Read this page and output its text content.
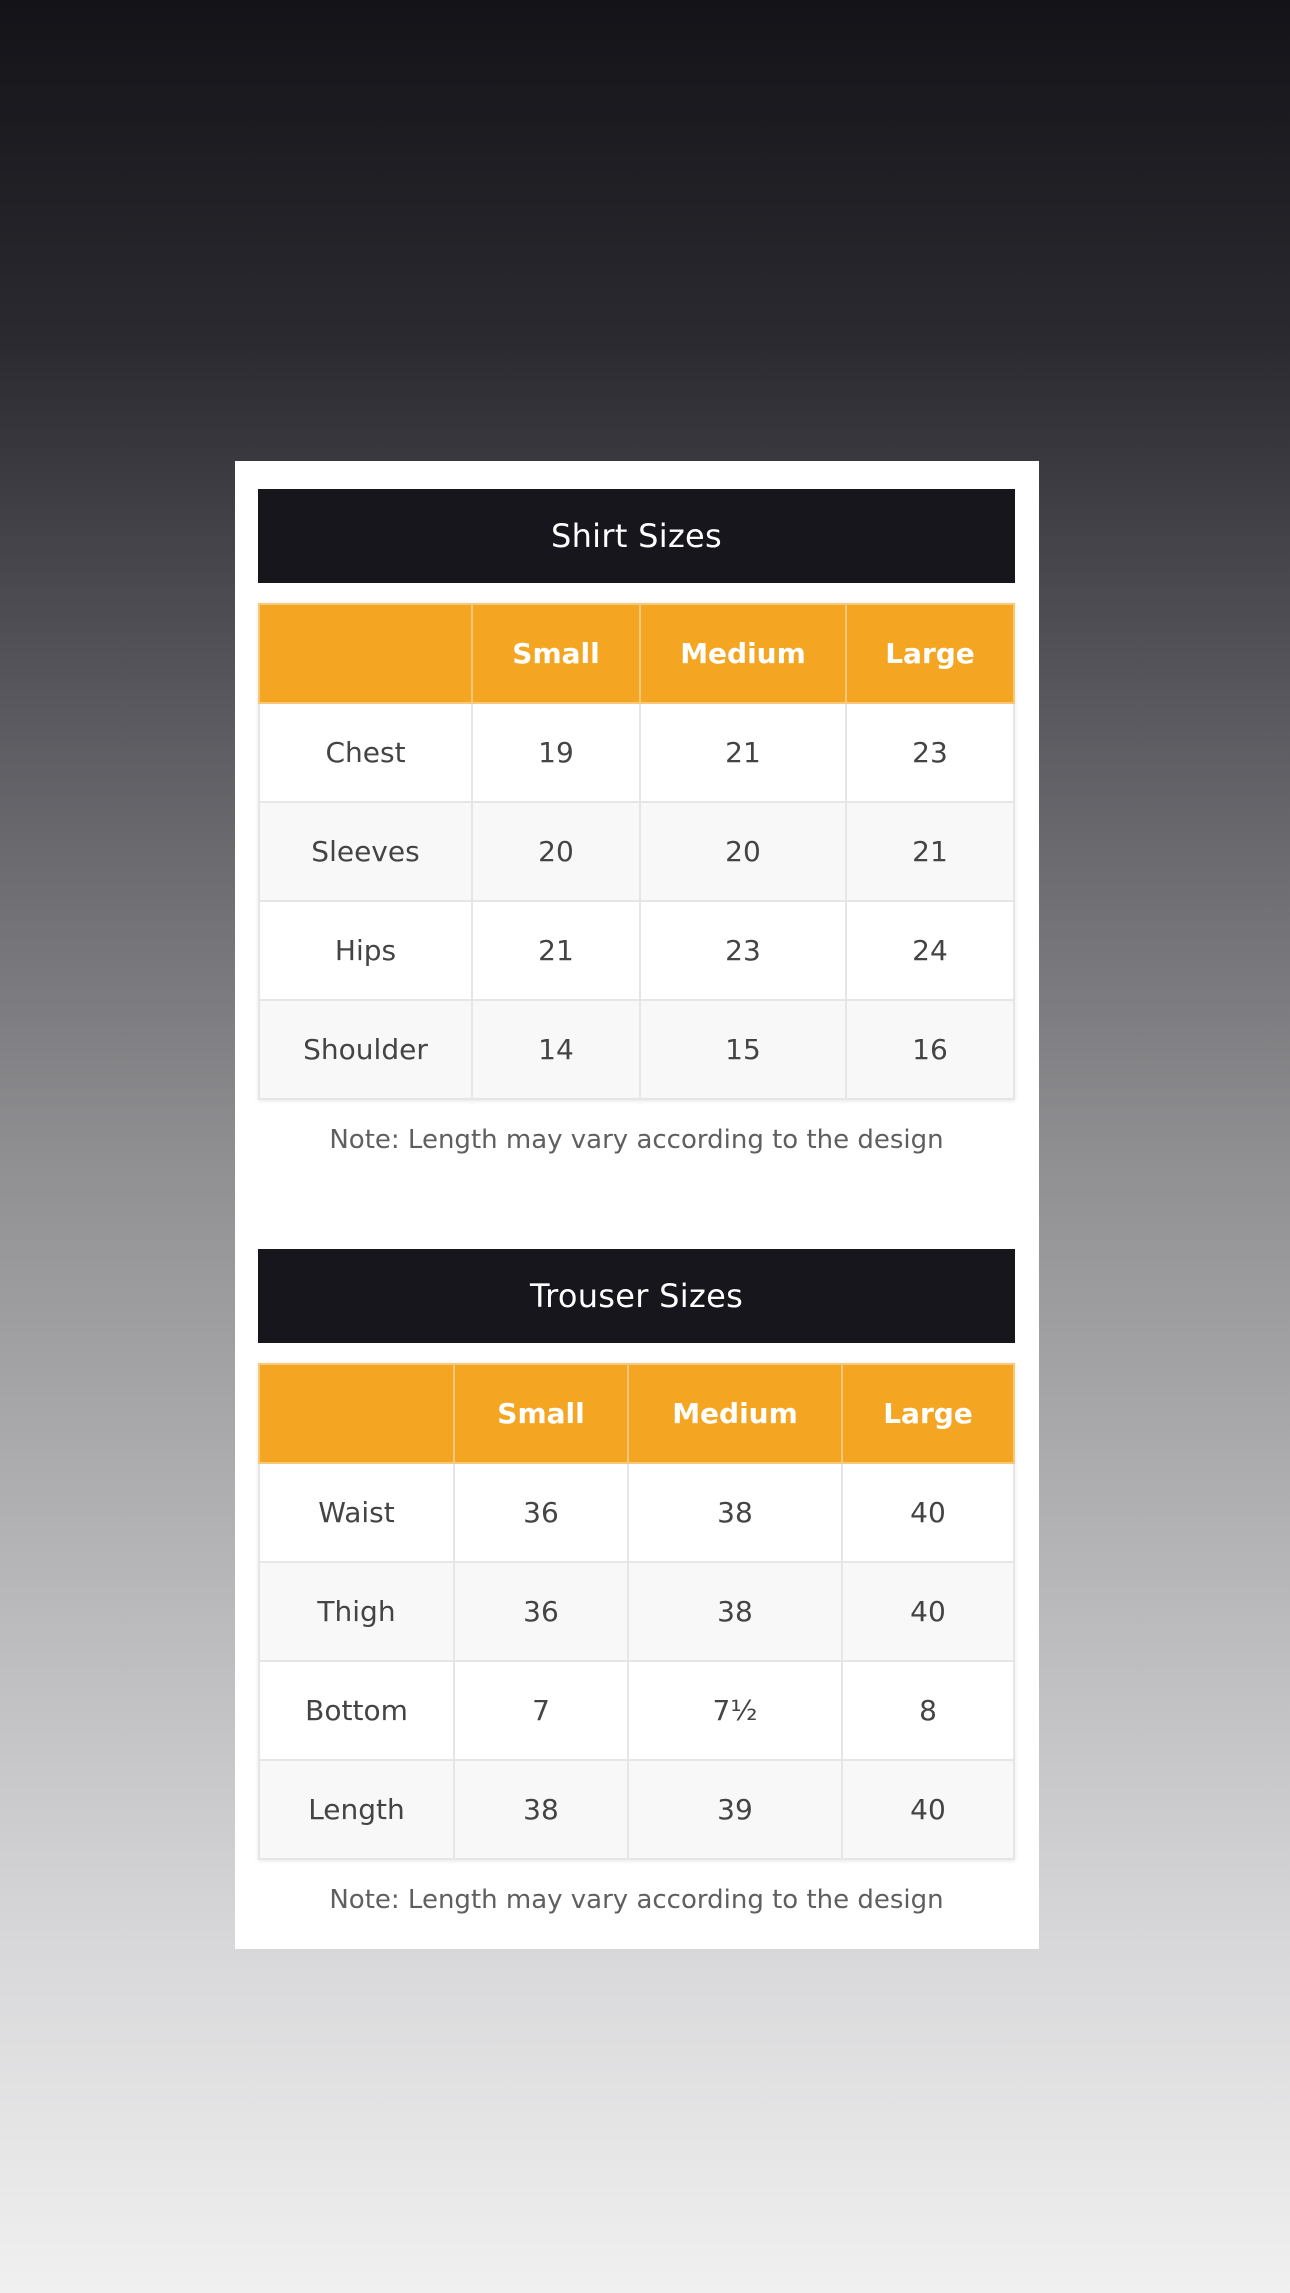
Shirt Sizes
	Small	Medium	Large
Chest	19	21	23
Sleeves	20	20	21
Hips	21	23	24
Shoulder	14	15	16
Note: Length may vary according to the design
Trouser Sizes
	Small	Medium	Large
Waist	36	38	40
Thigh	36	38	40
Bottom	7	7½	8
Length	38	39	40
Note: Length may vary according to the design
